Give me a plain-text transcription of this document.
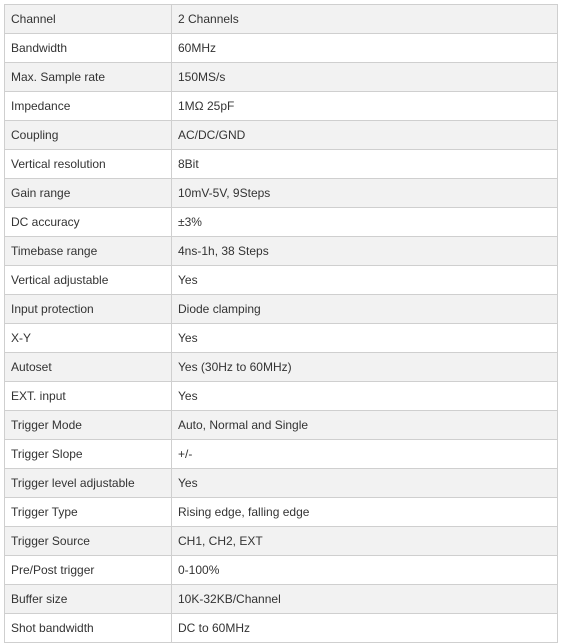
Channel	2 Channels
Bandwidth	60MHz
Max. Sample rate	150MS/s
Impedance	1MΩ 25pF
Coupling	AC/DC/GND
Vertical resolution	8Bit
Gain range	10mV-5V, 9Steps
DC accuracy	±3%
Timebase range	4ns-1h, 38 Steps
Vertical adjustable	Yes
Input protection	Diode clamping
X-Y	Yes
Autoset	Yes (30Hz to 60MHz)
EXT. input	Yes
Trigger Mode	Auto, Normal and Single
Trigger Slope	+/-
Trigger level adjustable	Yes
Trigger Type	Rising edge, falling edge
Trigger Source	CH1, CH2, EXT
Pre/Post trigger	0-100%
Buffer size	10K-32KB/Channel
Shot bandwidth	DC to 60MHz
